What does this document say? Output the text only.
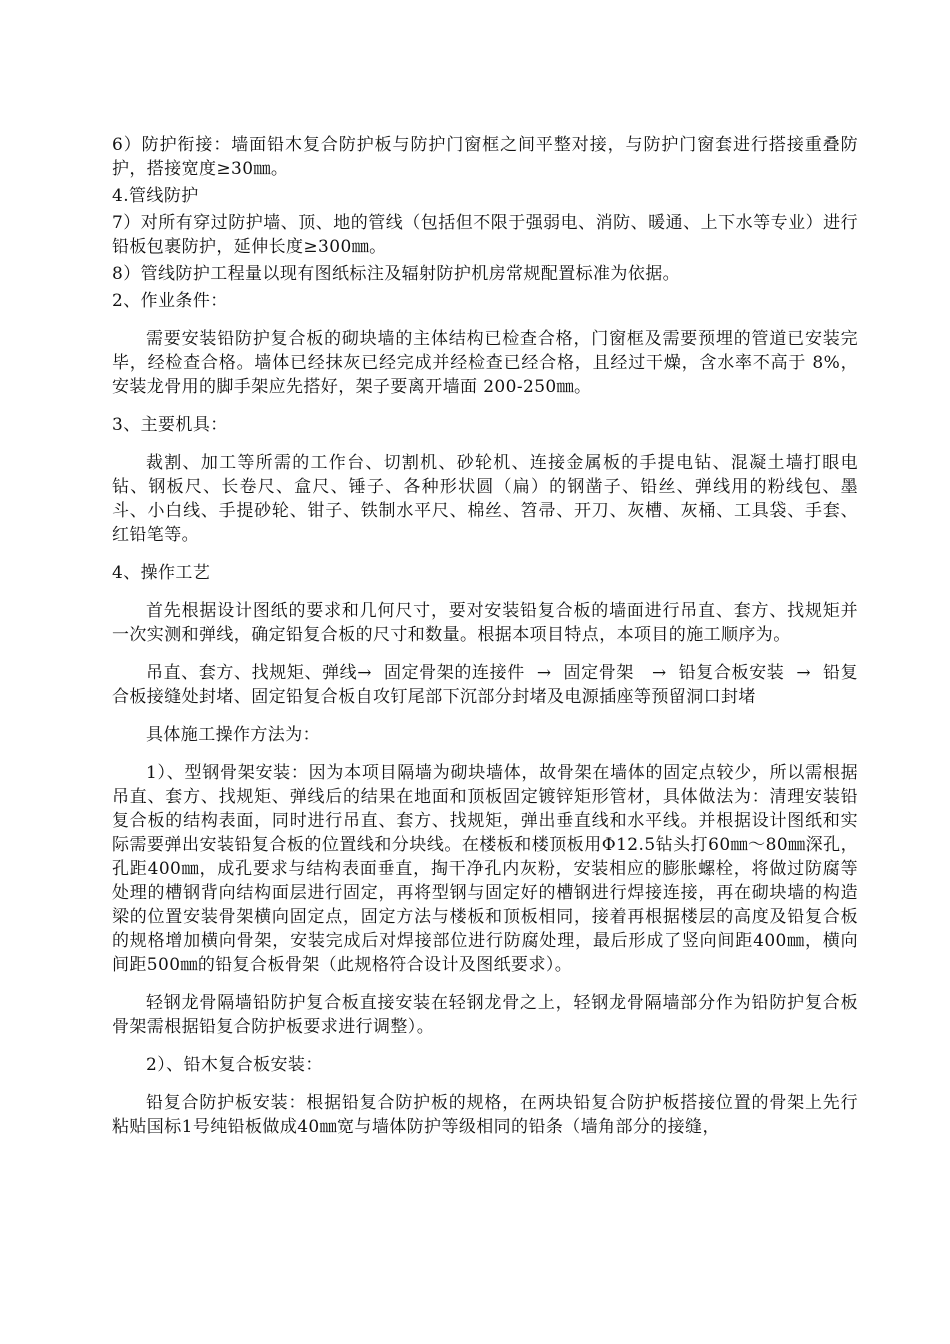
6）防护衔接：墙面铅木复合防护板与防护门窗框之间平整对接，与防护门窗套进行搭接重叠防护，搭接宽度≥30㎜。

4.管线防护

7）对所有穿过防护墙、顶、地的管线（包括但不限于强弱电、消防、暖通、上下水等专业）进行铅板包裹防护，延伸长度≥300㎜。

8）管线防护工程量以现有图纸标注及辐射防护机房常规配置标准为依据。

2、作业条件：

需要安装铅防护复合板的砌块墙的主体结构已检查合格，门窗框及需要预埋的管道已安装完毕，经检查合格。墙体已经抹灰已经完成并经检查已经合格，且经过干燥，含水率不高于 8%，安装龙骨用的脚手架应先搭好，架子要离开墙面 200-250㎜。

3、主要机具：

裁割、加工等所需的工作台、切割机、砂轮机、连接金属板的手提电钻、混凝土墙打眼电钻、钢板尺、长卷尺、盒尺、锤子、各种形状圆（扁）的钢凿子、铅丝、弹线用的粉线包、墨斗、小白线、手提砂轮、钳子、铁制水平尺、棉丝、笤帚、开刀、灰槽、灰桶、工具袋、手套、红铅笔等。

4、操作工艺

首先根据设计图纸的要求和几何尺寸，要对安装铅复合板的墙面进行吊直、套方、找规矩并一次实测和弹线，确定铅复合板的尺寸和数量。根据本项目特点，本项目的施工顺序为。

吊直、套方、找规矩、弹线→  固定骨架的连接件  →  固定骨架   →  铅复合板安装  →  铅复合板接缝处封堵、固定铅复合板自攻钉尾部下沉部分封堵及电源插座等预留洞口封堵

具体施工操作方法为：

1）、型钢骨架安装：因为本项目隔墙为砌块墙体，故骨架在墙体的固定点较少，所以需根据吊直、套方、找规矩、弹线后的结果在地面和顶板固定镀锌矩形管材，具体做法为：清理安装铅复合板的结构表面，同时进行吊直、套方、找规矩，弹出垂直线和水平线。并根据设计图纸和实际需要弹出安装铅复合板的位置线和分块线。在楼板和楼顶板用Φ12.5钻头打60㎜～80㎜深孔，孔距400㎜，成孔要求与结构表面垂直，掏干净孔内灰粉，安装相应的膨胀螺栓，将做过防腐等处理的槽钢背向结构面层进行固定，再将型钢与固定好的槽钢进行焊接连接，再在砌块墙的构造梁的位置安装骨架横向固定点，固定方法与楼板和顶板相同，接着再根据楼层的高度及铅复合板的规格增加横向骨架，安装完成后对焊接部位进行防腐处理，最后形成了竖向间距400㎜，横向间距500㎜的铅复合板骨架（此规格符合设计及图纸要求）。

轻钢龙骨隔墙铅防护复合板直接安装在轻钢龙骨之上，轻钢龙骨隔墙部分作为铅防护复合板骨架需根据铅复合防护板要求进行调整）。

2）、铅木复合板安装：

铅复合防护板安装：根据铅复合防护板的规格，在两块铅复合防护板搭接位置的骨架上先行粘贴国标1号纯铅板做成40㎜宽与墙体防护等级相同的铅条（墙角部分的接缝，
